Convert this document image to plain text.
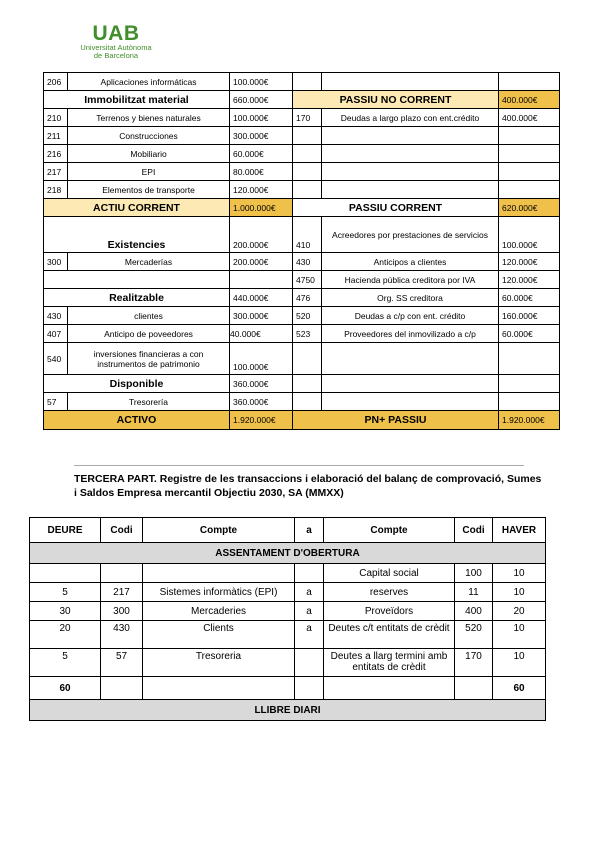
UAB
Universitat Autònoma
de Barcelona
206	Aplicaciones informáticas	100.000€			
Immobilitzat material		660.000€	PASSIU NO CORRENT		400.000€
210	Terrenos y bienes naturales	100.000€	170	Deudas a largo plazo con ent.crédito	400.000€
211	Construcciones	300.000€			
216	Mobiliario	60.000€			
217	EPI	80.000€			
218	Elementos de transporte	120.000€			
ACTIU CORRENT		1.000.000€	PASSIU CORRENT		620.000€
Existencies		200.000€	410	Acreedores por prestaciones de servicios	100.000€
300	Mercaderías	200.000€	430	Anticipos a clientes	120.000€
			4750	Hacienda pública creditora por IVA	120.000€
Realitzable		440.000€	476	Org. SS creditora	60.000€
430	clientes	300.000€	520	Deudas a c/p con ent. crédito	160.000€
407	Anticipo de poveedores	40.000€	523	Proveedores del inmovilizado a c/p	60.000€
540	inversiones financieras a con instrumentos de patrimonio	100.000€			
Disponible		360.000€			
57	Tresorería	360.000€			
ACTIVO		1.920.000€	PN+ PASSIU		1.920.000€
TERCERA PART. Registre de les transaccions i elaboració del balanç de comprovació, Sumes i Saldos Empresa mercantil Objectiu 2030, SA (MMXX)
DEURE	Codi	Compte	a	Compte	Codi	HAVER
ASSENTAMENT D'OBERTURA						
				Capital social	100	10
5	217	Sistemes informàtics (EPI)	a	reserves	11	10
30	300	Mercaderies	a	Proveïdors	400	20
20	430	Clients	a	Deutes c/t entitats de crèdit	520	10
5	57	Tresoreria		Deutes a llarg termini amb entitats de crèdit	170	10
60						60
LLIBRE DIARI						
